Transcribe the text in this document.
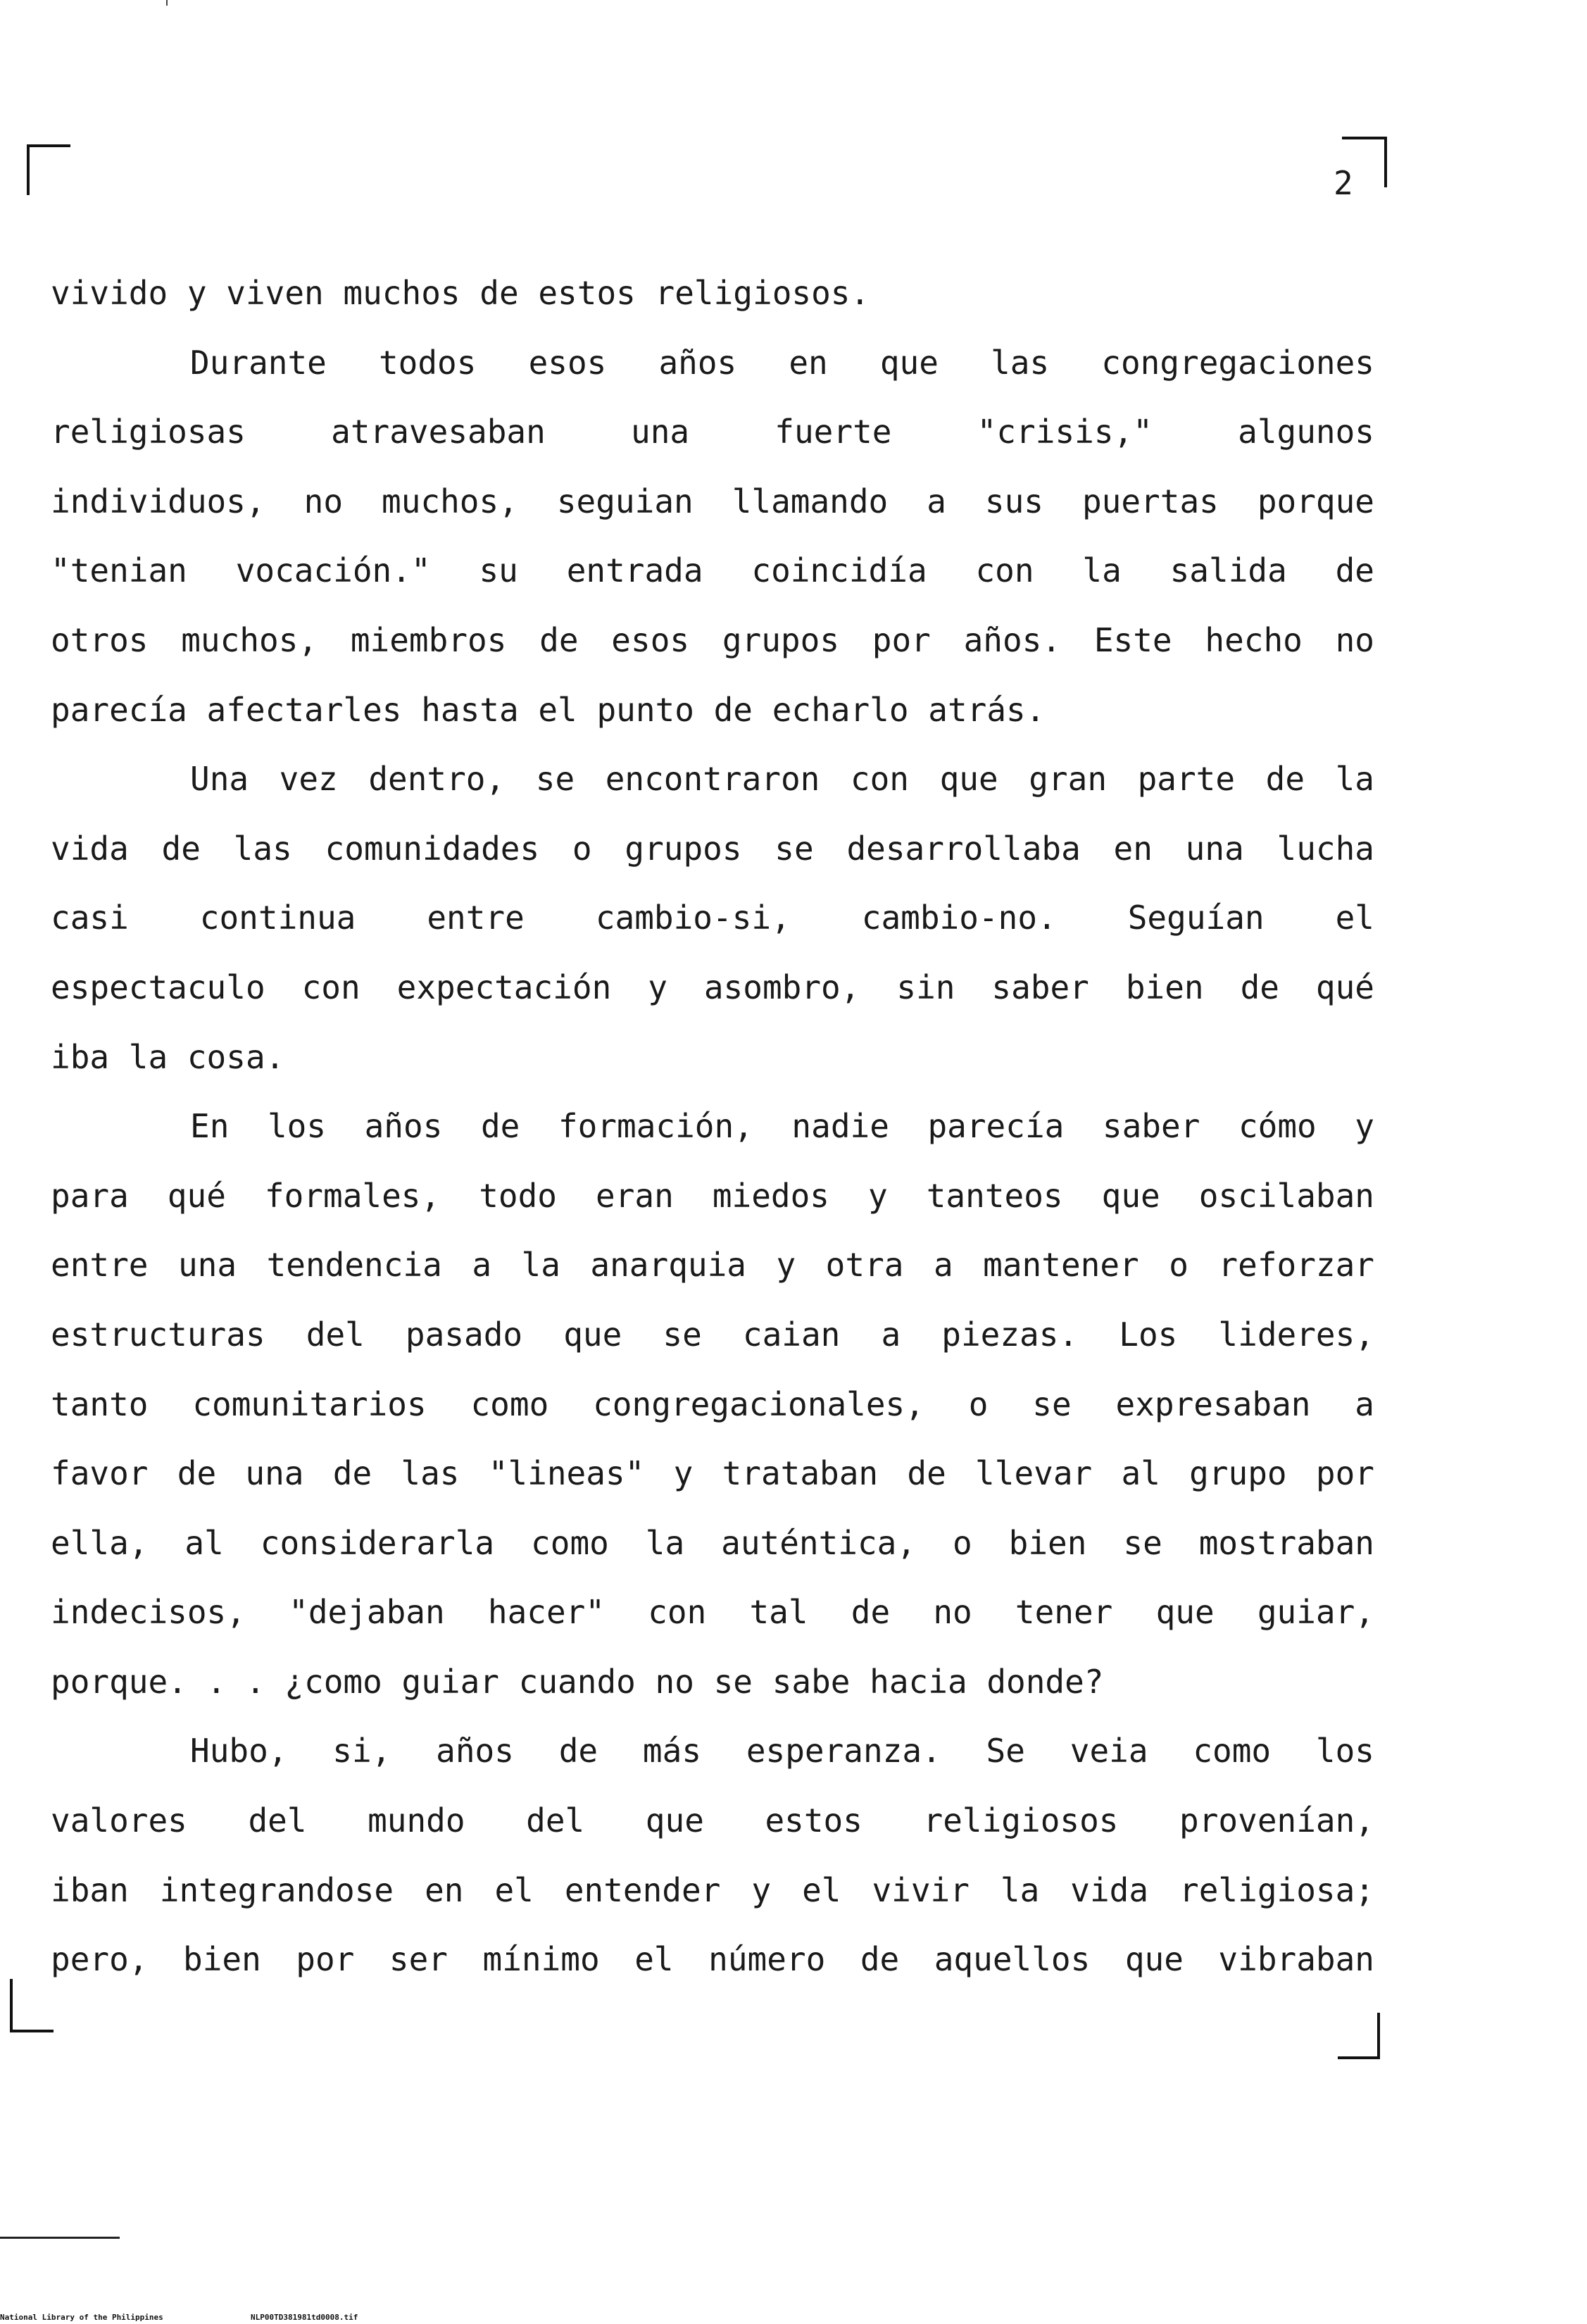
2
vivido y viven muchos de estos religiosos.
Durante todos esos años en que las congregaciones
religiosas atravesaban una fuerte "crisis," algunos
individuos, no muchos, seguian llamando a sus puertas porque
"tenian vocación." su entrada coincidía con la salida de
otros muchos, miembros de esos grupos por años. Este hecho no
parecía afectarles hasta el punto de echarlo atrás.
Una vez dentro, se encontraron con que gran parte de la
vida de las comunidades o grupos se desarrollaba en una lucha
casi continua entre cambio-si, cambio-no. Seguían el
espectaculo con expectación y asombro, sin saber bien de qué
iba la cosa.
En los años de formación, nadie parecía saber cómo y
para qué formales, todo eran miedos y tanteos que oscilaban
entre una tendencia a la anarquia y otra a mantener o reforzar
estructuras del pasado que se caian a piezas. Los lideres,
tanto comunitarios como congregacionales, o se expresaban a
favor de una de las "lineas" y trataban de llevar al grupo por
ella, al considerarla como la auténtica, o bien se mostraban
indecisos, "dejaban hacer" con tal de no tener que guiar,
porque. . . ¿como guiar cuando no se sabe hacia donde?
Hubo, si, años de más esperanza. Se veia como los
valores del mundo del que estos religiosos provenían,
iban integrandose en el entender y el vivir la vida religiosa;
pero, bien por ser mínimo el número de aquellos que vibraban
National Library of the Philippines	NLP00TD381981td0008.tif
